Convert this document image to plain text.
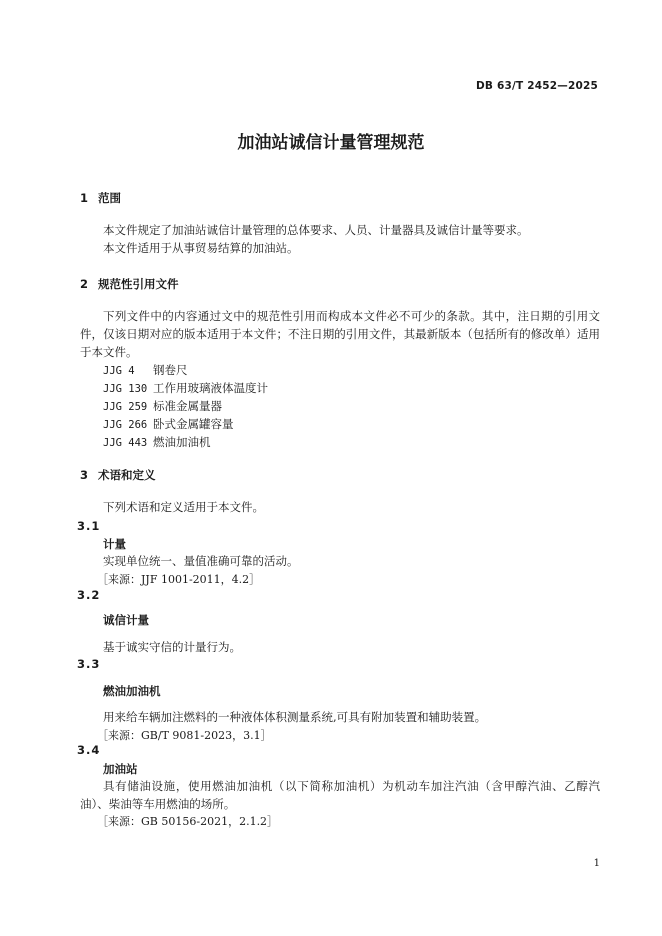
DB 63/T 2452—2025
加油站诚信计量管理规范
1 范围
本文件规定了加油站诚信计量管理的总体要求、人员、计量器具及诚信计量等要求。
本文件适用于从事贸易结算的加油站。
2 规范性引用文件
下列文件中的内容通过文中的规范性引用而构成本文件必不可少的条款。其中，注日期的引用文件，仅该日期对应的版本适用于本文件；不注日期的引用文件，其最新版本（包括所有的修改单）适用于本文件。
JJG 4 钢卷尺
JJG 130 工作用玻璃液体温度计
JJG 259 标准金属量器
JJG 266 卧式金属罐容量
JJG 443 燃油加油机
3 术语和定义
下列术语和定义适用于本文件。
3.1
计量
实现单位统一、量值准确可靠的活动。
［来源：JJF 1001-2011，4.2］
3.2
诚信计量
基于诚实守信的计量行为。
3.3
燃油加油机
用来给车辆加注燃料的一种液体体积测量系统,可具有附加装置和辅助装置。
［来源：GB/T 9081-2023，3.1］
3.4
加油站
具有储油设施，使用燃油加油机（以下简称加油机）为机动车加注汽油（含甲醇汽油、乙醇汽油）、柴油等车用燃油的场所。
［来源：GB 50156-2021，2.1.2］
1
